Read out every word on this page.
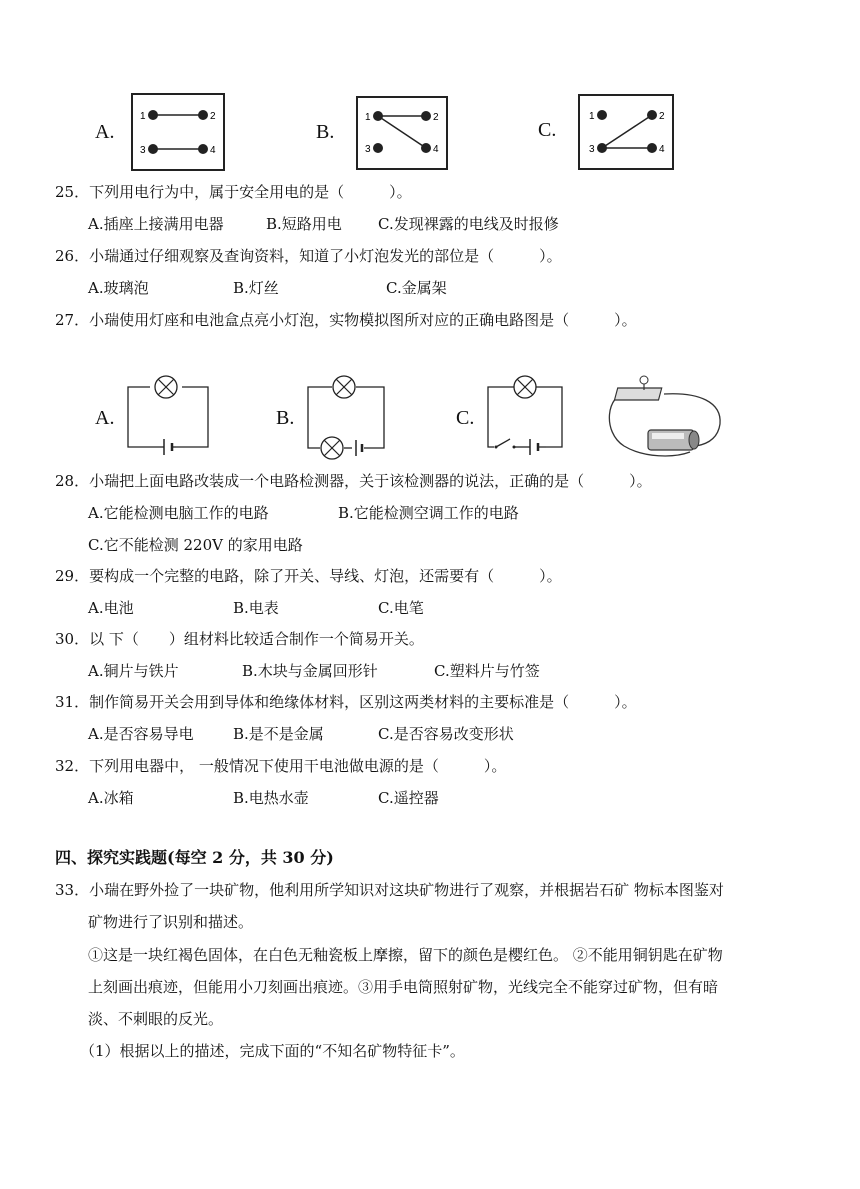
A.
1	2
3	4
B.
1	2
3	4
C.
1	2
3	4
25．下列用电行为中，属于安全用电的是（　　　）。
A.插座上接满用电器	B.短路用电 C.发现裸露的电线及时报修
26．小瑞通过仔细观察及查询资料，知道了小灯泡发光的部位是（　　　）。
A.玻璃泡	B.灯丝	C.金属架
27．小瑞使用灯座和电池盒点亮小灯泡，实物模拟图所对应的正确电路图是（　　　）。
A.	B.	C.
28．小瑞把上面电路改装成一个电路检测器，关于该检测器的说法，正确的是（　　　）。
A.它能检测电脑工作的电路	B.它能检测空调工作的电路
C.它不能检测 220V 的家用电路
29．要构成一个完整的电路，除了开关、导线、灯泡，还需要有（　　　）。
A.电池	B.电表	C.电笔
30．以 下（　　）组材料比较适合制作一个简易开关。
A.铜片与铁片	B.木块与金属回形针	C.塑料片与竹签
31．制作简易开关会用到导体和绝缘体材料，区别这两类材料的主要标准是（　　　）。
A.是否容易导电	B.是不是金属	C.是否容易改变形状
32．下列用电器中， 一般情况下使用干电池做电源的是（　　　）。
A.冰箱	B.电热水壶	C.遥控器
四、探究实践题(每空 2 分，共 30 分)
33．小瑞在野外捡了一块矿物，他利用所学知识对这块矿物进行了观察，并根据岩石矿 物标本图鉴对
矿物进行了识别和描述。
①这是一块红褐色固体，在白色无釉瓷板上摩擦，留下的颜色是樱红色。 ②不能用铜钥匙在矿物
上刻画出痕迹，但能用小刀刻画出痕迹。③用手电筒照射矿物，光线完全不能穿过矿物，但有暗
淡、不刺眼的反光。
（1）根据以上的描述，完成下面的“不知名矿物特征卡”。
